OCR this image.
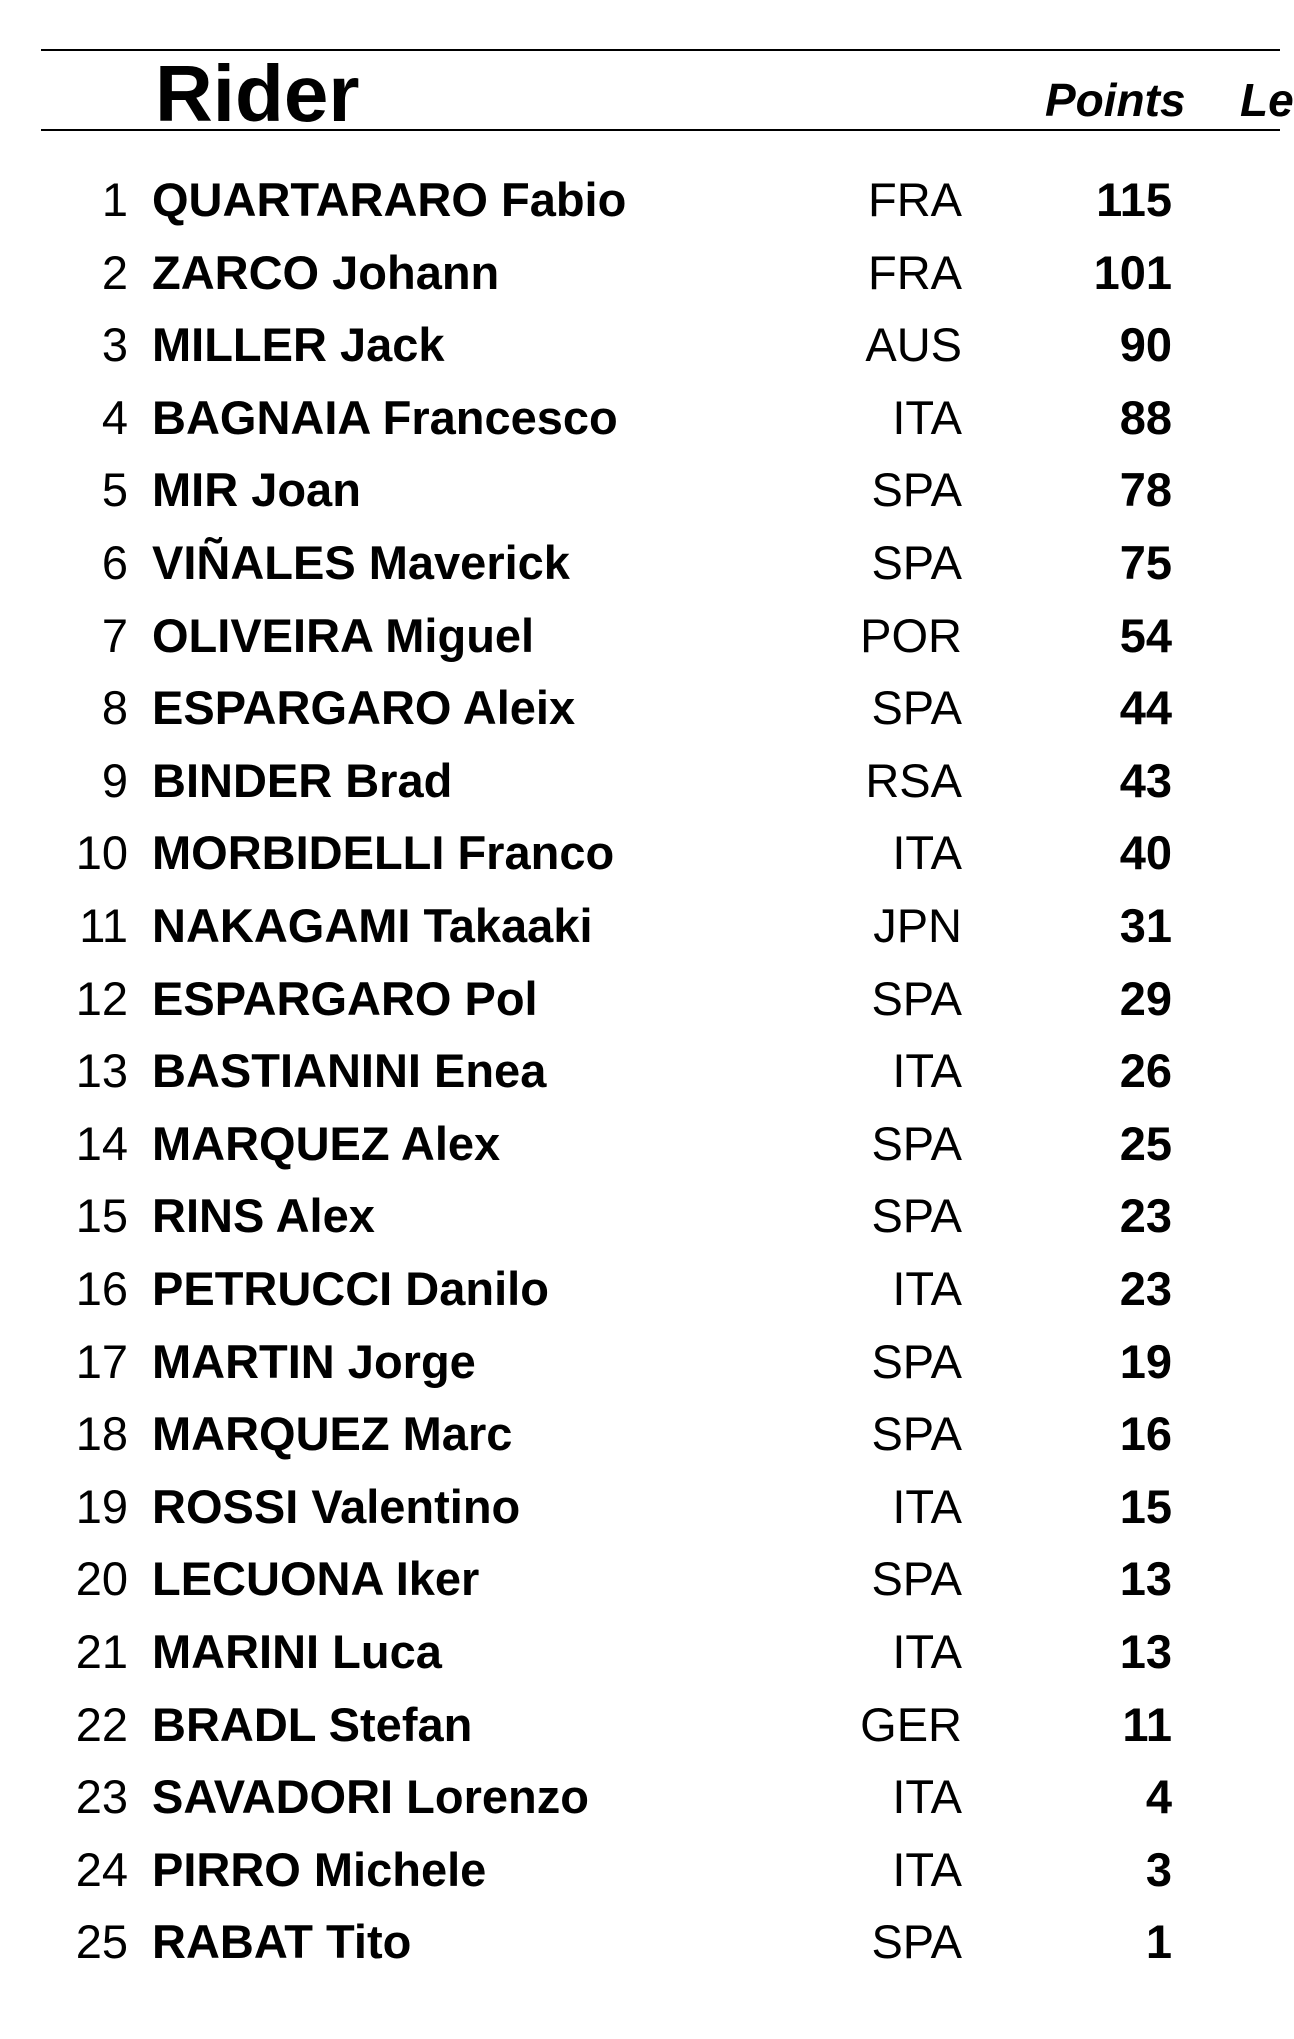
Rider	Points Le
1 QUARTARARO Fabio	FRA	115
2 ZARCO Johann	FRA	101
3 MILLER Jack	AUS	90
4 BAGNAIA Francesco	ITA	88
5 MIR Joan	SPA	78
6 VIÑALES Maverick	SPA	75
7 OLIVEIRA Miguel	POR	54
8 ESPARGARO Aleix	SPA	44
9 BINDER Brad	RSA	43
10 MORBIDELLI Franco	ITA	40
11 NAKAGAMI Takaaki	JPN	31
12 ESPARGARO Pol	SPA	29
13 BASTIANINI Enea	ITA	26
14 MARQUEZ Alex	SPA	25
15 RINS Alex	SPA	23
16 PETRUCCI Danilo	ITA	23
17 MARTIN Jorge	SPA	19
18 MARQUEZ Marc	SPA	16
19 ROSSI Valentino	ITA	15
20 LECUONA Iker	SPA	13
21 MARINI Luca	ITA	13
22 BRADL Stefan	GER	11
23 SAVADORI Lorenzo	ITA	4
24 PIRRO Michele	ITA	3
25 RABAT Tito	SPA	1
